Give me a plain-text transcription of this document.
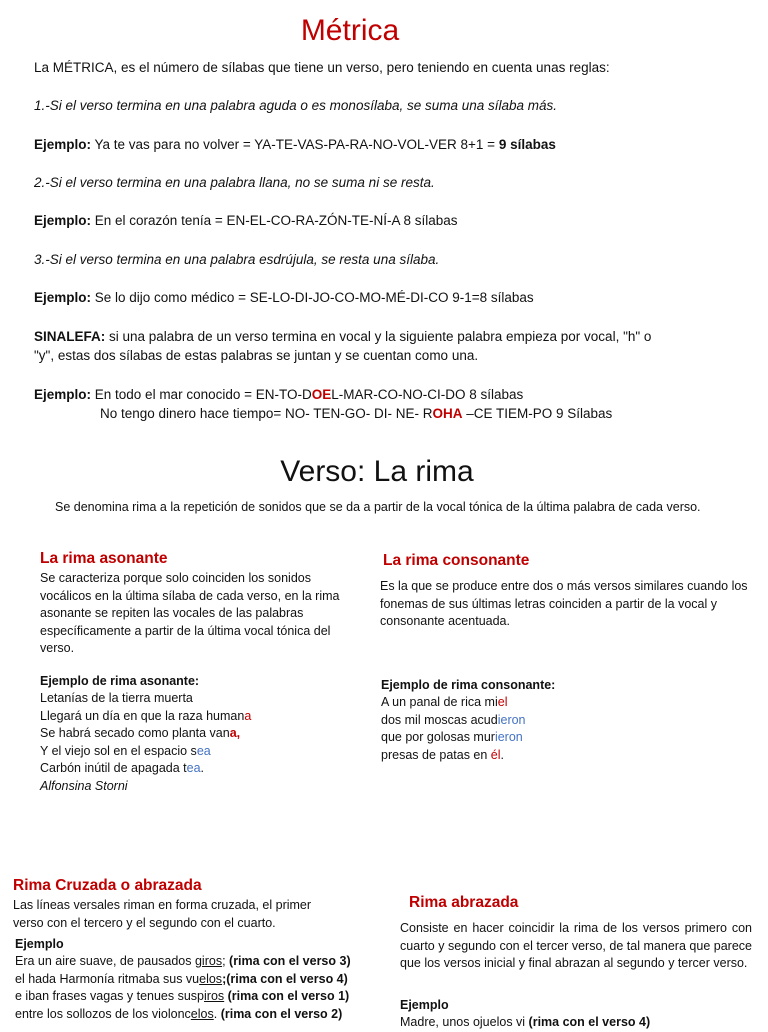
Métrica
La MÉTRICA, es el número de sílabas que tiene un verso, pero teniendo en cuenta unas reglas:
1.-Si el verso termina en una palabra aguda o es monosílaba, se suma una sílaba más.
Ejemplo: Ya te vas para no volver = YA-TE-VAS-PA-RA-NO-VOL-VER 8+1 = 9 sílabas
2.-Si el verso termina en una palabra llana, no se suma ni se resta.
Ejemplo: En el corazón tenía = EN-EL-CO-RA-ZÓN-TE-NÍ-A 8 sílabas
3.-Si el verso termina en una palabra esdrújula, se resta una sílaba.
Ejemplo: Se lo dijo como médico = SE-LO-DI-JO-CO-MO-MÉ-DI-CO 9-1=8 sílabas
SINALEFA: si una palabra de un verso termina en vocal y la siguiente palabra empieza por vocal, "h" o
"y", estas dos sílabas de estas palabras se juntan y se cuentan como una.
Ejemplo: En todo el mar conocido = EN-TO-DOEL-MAR-CO-NO-CI-DO 8 sílabas
No tengo dinero hace tiempo= NO- TEN-GO- DI- NE- ROHA –CE TIEM-PO 9 Sílabas
Verso: La rima
Se denomina rima a la repetición de sonidos que se da a partir de la vocal tónica de la última palabra de cada verso.
La rima asonante
Se caracteriza porque solo coinciden los sonidos vocálicos en la última sílaba de cada verso, en la rima asonante se repiten las vocales de las palabras específicamente a partir de la última vocal tónica del verso.
Ejemplo de rima asonante:
Letanías de la tierra muerta
Llegará un día en que la raza humana
Se habrá secado como planta vana,
Y el viejo sol en el espacio sea
Carbón inútil de apagada tea.
Alfonsina Storni
La rima consonante
Es la que se produce entre dos o más versos similares cuando los fonemas de sus últimas letras coinciden a partir de la vocal y consonante acentuada.
Ejemplo de rima consonante:
A un panal de rica miel
dos mil moscas acudieron
que por golosas murieron
presas de patas en él.
Rima Cruzada o abrazada
Las líneas versales riman en forma cruzada, el primer verso con el tercero y el segundo con el cuarto.
Ejemplo
Era un aire suave, de pausados giros; (rima con el verso 3)
el hada Harmonía ritmaba sus vuelos;(rima con el verso 4)
e iban frases vagas y tenues suspiros (rima con el verso 1)
entre los sollozos de los violoncelos. (rima con el verso 2)
Rima abrazada
Consiste en hacer coincidir la rima de los versos primero con cuarto y segundo con el tercer verso, de tal manera que parece que los versos inicial y final abrazan al segundo y tercer verso.
Ejemplo
Madre, unos ojuelos vi (rima con el verso 4)
